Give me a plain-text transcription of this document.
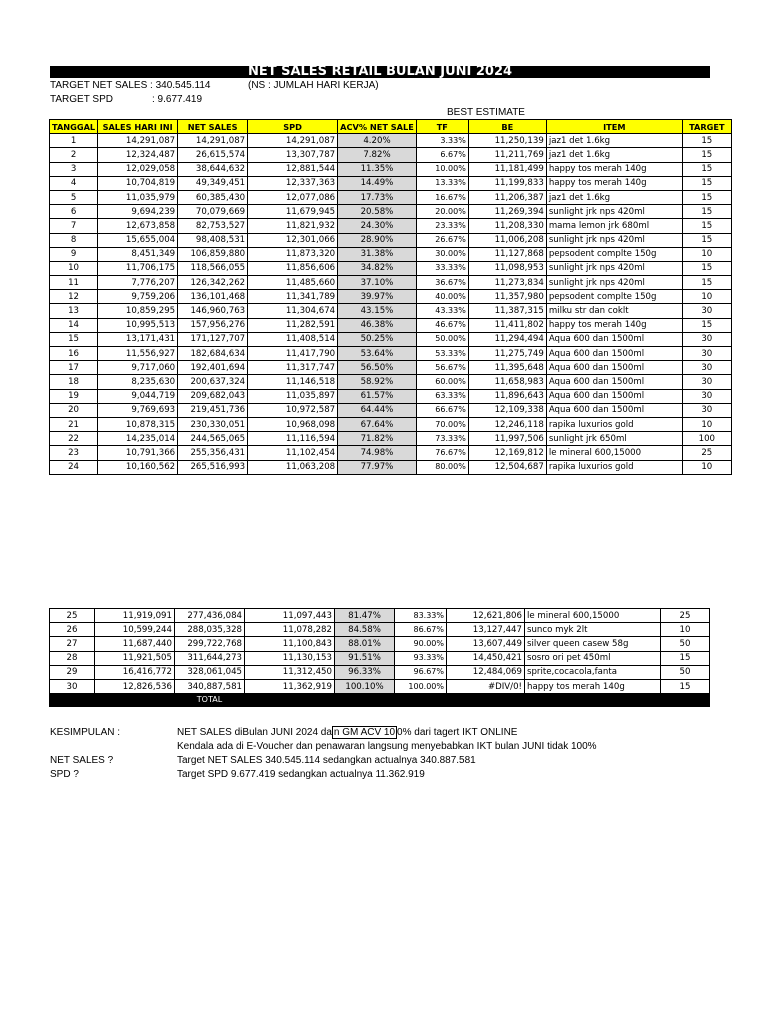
NET SALES RETAIL BULAN JUNI 2024
TARGET NET SALES : 340.545.114	(NS : JUMLAH HARI KERJA)
TARGET SPD	: 9.677.419
BEST ESTIMATE
TANGGAL	SALES HARI INI	NET SALES	SPD	ACV% NET SALE	TF	BE	ITEM	TARGET
1	14,291,087	14,291,087	14,291,087	4.20%	3.33%	11,250,139	jaz1 det 1.6kg	15
2	12,324,487	26,615,574	13,307,787	7.82%	6.67%	11,211,769	jaz1 det 1.6kg	15
3	12,029,058	38,644,632	12,881,544	11.35%	10.00%	11,181,499	happy tos merah 140g	15
4	10,704,819	49,349,451	12,337,363	14.49%	13.33%	11,199,833	happy tos merah 140g	15
5	11,035,979	60,385,430	12,077,086	17.73%	16.67%	11,206,387	jaz1 det 1.6kg	15
6	9,694,239	70,079,669	11,679,945	20.58%	20.00%	11,269,394	sunlight jrk nps 420ml	15
7	12,673,858	82,753,527	11,821,932	24.30%	23.33%	11,208,330	mama lemon jrk 680ml	15
8	15,655,004	98,408,531	12,301,066	28.90%	26.67%	11,006,208	sunlight jrk nps 420ml	15
9	8,451,349	106,859,880	11,873,320	31.38%	30.00%	11,127,868	pepsodent complte 150g	10
10	11,706,175	118,566,055	11,856,606	34.82%	33.33%	11,098,953	sunlight jrk nps 420ml	15
11	7,776,207	126,342,262	11,485,660	37.10%	36.67%	11,273,834	sunlight jrk nps 420ml	15
12	9,759,206	136,101,468	11,341,789	39.97%	40.00%	11,357,980	pepsodent complte 150g	10
13	10,859,295	146,960,763	11,304,674	43.15%	43.33%	11,387,315	milku str dan coklt	30
14	10,995,513	157,956,276	11,282,591	46.38%	46.67%	11,411,802	happy tos merah 140g	15
15	13,171,431	171,127,707	11,408,514	50.25%	50.00%	11,294,494	Aqua 600 dan 1500ml	30
16	11,556,927	182,684,634	11,417,790	53.64%	53.33%	11,275,749	Aqua 600 dan 1500ml	30
17	9,717,060	192,401,694	11,317,747	56.50%	56.67%	11,395,648	Aqua 600 dan 1500ml	30
18	8,235,630	200,637,324	11,146,518	58.92%	60.00%	11,658,983	Aqua 600 dan 1500ml	30
19	9,044,719	209,682,043	11,035,897	61.57%	63.33%	11,896,643	Aqua 600 dan 1500ml	30
20	9,769,693	219,451,736	10,972,587	64.44%	66.67%	12,109,338	Aqua 600 dan 1500ml	30
21	10,878,315	230,330,051	10,968,098	67.64%	70.00%	12,246,118	rapika luxurios gold	10
22	14,235,014	244,565,065	11,116,594	71.82%	73.33%	11,997,506	sunlight jrk 650ml	100
23	10,791,366	255,356,431	11,102,454	74.98%	76.67%	12,169,812	le mineral 600,15000	25
24	10,160,562	265,516,993	11,063,208	77.97%	80.00%	12,504,687	rapika luxurios gold	10
25	11,919,091	277,436,084	11,097,443	81.47%	83.33%	12,621,806	le mineral 600,15000	25
26	10,599,244	288,035,328	11,078,282	84.58%	86.67%	13,127,447	sunco myk 2lt	10
27	11,687,440	299,722,768	11,100,843	88.01%	90.00%	13,607,449	silver queen casew 58g	50
28	11,921,505	311,644,273	11,130,153	91.51%	93.33%	14,450,421	sosro ori pet 450ml	15
29	16,416,772	328,061,045	11,312,450	96.33%	96.67%	12,484,069	sprite,cocacola,fanta	50
30	12,826,536	340,887,581	11,362,919	100.10%	100.00%	#DIV/0!	happy tos merah 140g	15
		TOTAL						
KESIMPULAN :	NET SALES diBulan JUNI 2024 da n GM ACV 10 0% dari tagert IKT ONLINE
Kendala ada di E-Voucher dan penawaran langsung menyebabkan IKT bulan JUNI tidak 100%
NET SALES ?	Target NET SALES 340.545.114 sedangkan actualnya 340.887.581
SPD ?	Target SPD 9.677.419 sedangkan actualnya 11.362.919
